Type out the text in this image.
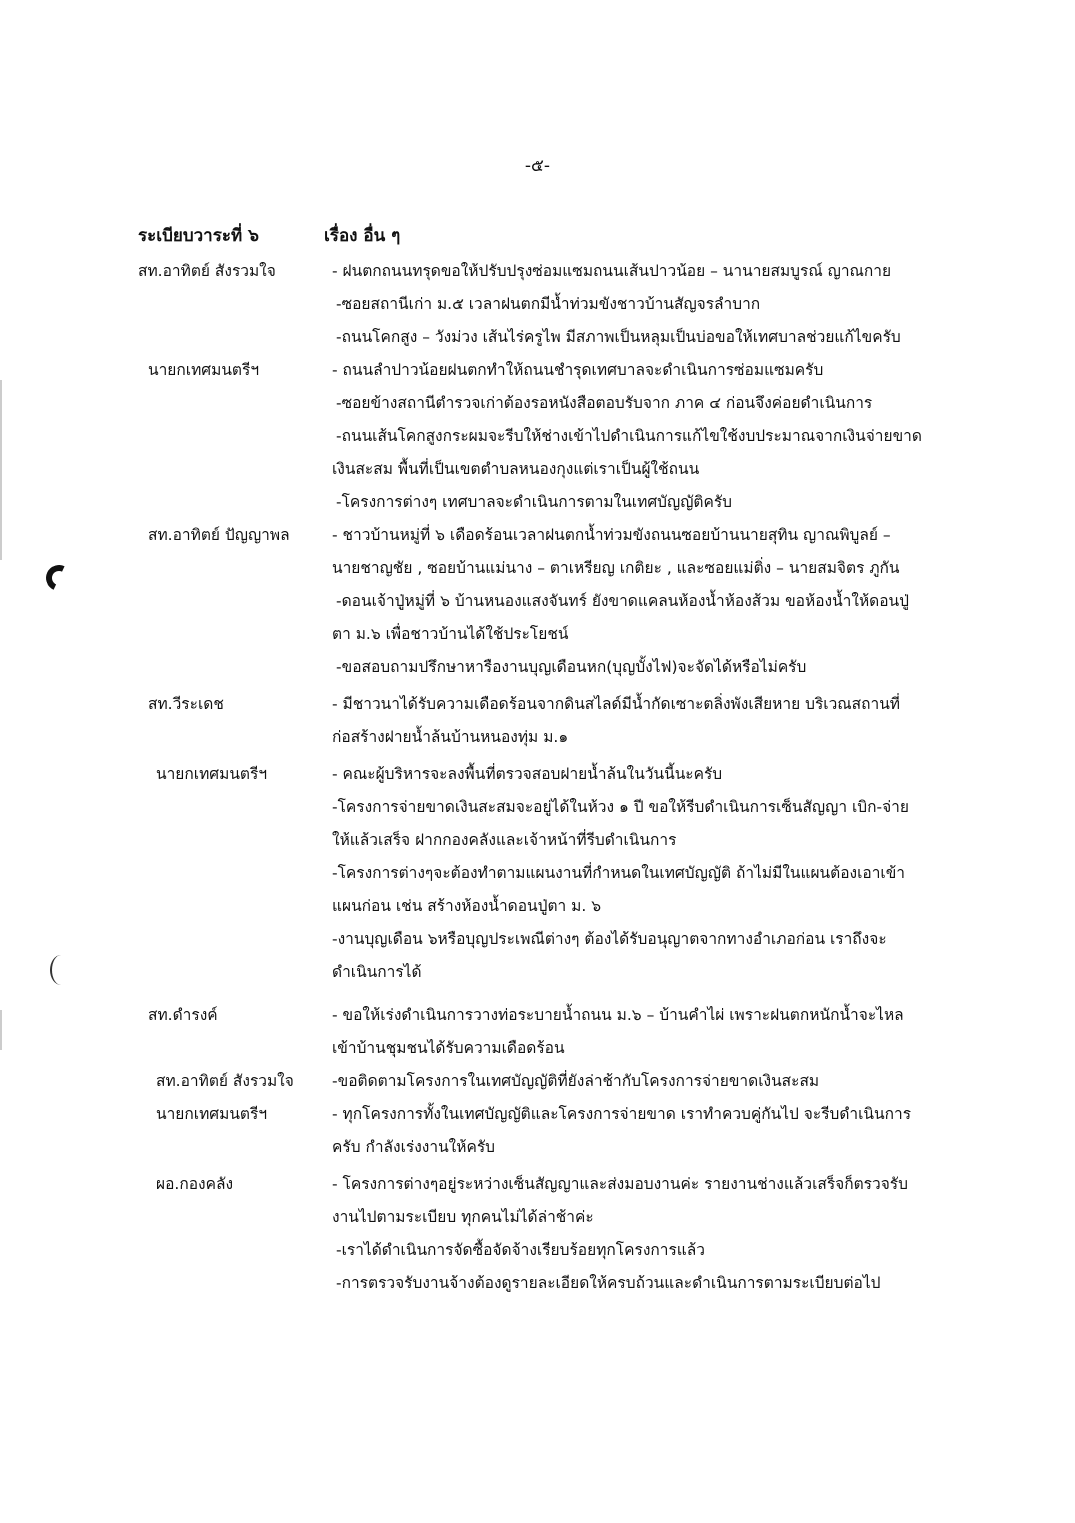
-๕-
ระเบียบวาระที่ ๖	เรื่อง อื่น ๆ
สท.อาทิตย์ สังรวมใจ	- ฝนตกถนนทรุดขอให้ปรับปรุงซ่อมแซมถนนเส้นปาวน้อย – นานายสมบูรณ์ ญาณกาย

-ซอยสถานีเก่า ม.๕ เวลาฝนตกมีน้ำท่วมขังชาวบ้านสัญจรลำบาก

-ถนนโคกสูง – วังม่วง เส้นไร่ครูไพ มีสภาพเป็นหลุมเป็นบ่อขอให้เทศบาลช่วยแก้ไขครับ

นายกเทศมนตรีฯ	- ถนนลำปาวน้อยฝนตกทำให้ถนนชำรุดเทศบาลจะดำเนินการซ่อมแซมครับ

-ซอยข้างสถานีตำรวจเก่าต้องรอหนังสือตอบรับจาก ภาค ๔ ก่อนจึงค่อยดำเนินการ

-ถนนเส้นโคกสูงกระผมจะรีบให้ช่างเข้าไปดำเนินการแก้ไขใช้งบประมาณจากเงินจ่ายขาด

เงินสะสม พื้นที่เป็นเขตตำบลหนองกุงแต่เราเป็นผู้ใช้ถนน

-โครงการต่างๆ เทศบาลจะดำเนินการตามในเทศบัญญัติครับ

สท.อาทิตย์ ปัญญาพล	- ชาวบ้านหมู่ที่ ๖ เดือดร้อนเวลาฝนตกน้ำท่วมขังถนนซอยบ้านนายสุทิน ญาณพิบูลย์ –

นายชาญชัย , ซอยบ้านแม่นาง – ตาเหรียญ เกติยะ , และซอยแม่ติ่ง – นายสมจิตร ภูกัน

-ดอนเจ้าปู่หมู่ที่ ๖ บ้านหนองแสงจันทร์ ยังขาดแคลนห้องน้ำห้องส้วม ขอห้องน้ำให้ดอนปู่

ตา ม.๖ เพื่อชาวบ้านได้ใช้ประโยชน์

-ขอสอบถามปรึกษาหารืองานบุญเดือนหก(บุญบั้งไฟ)จะจัดได้หรือไม่ครับ

สท.วีระเดช	- มีชาวนาได้รับความเดือดร้อนจากดินสไลด์มีน้ำกัดเซาะตลิ่งพังเสียหาย บริเวณสถานที่

ก่อสร้างฝายน้ำล้นบ้านหนองทุ่ม ม.๑

นายกเทศมนตรีฯ	- คณะผู้บริหารจะลงพื้นที่ตรวจสอบฝายน้ำล้นในวันนี้นะครับ

-โครงการจ่ายขาดเงินสะสมจะอยู่ได้ในห้วง ๑ ปี ขอให้รีบดำเนินการเซ็นสัญญา เบิก-จ่าย

ให้แล้วเสร็จ ฝากกองคลังและเจ้าหน้าที่รีบดำเนินการ

-โครงการต่างๆจะต้องทำตามแผนงานที่กำหนดในเทศบัญญัติ ถ้าไม่มีในแผนต้องเอาเข้า

แผนก่อน เช่น สร้างห้องน้ำดอนปู่ตา ม. ๖

-งานบุญเดือน ๖หรือบุญประเพณีต่างๆ ต้องได้รับอนุญาตจากทางอำเภอก่อน เราถึงจะ

ดำเนินการได้

สท.ดำรงค์	- ขอให้เร่งดำเนินการวางท่อระบายน้ำถนน ม.๖ – บ้านคำไผ่ เพราะฝนตกหนักน้ำจะไหล

เข้าบ้านชุมชนได้รับความเดือดร้อน

สท.อาทิตย์ สังรวมใจ	-ขอติดตามโครงการในเทศบัญญัติที่ยังล่าช้ากับโครงการจ่ายขาดเงินสะสม

นายกเทศมนตรีฯ	- ทุกโครงการทั้งในเทศบัญญัติและโครงการจ่ายขาด เราทำควบคู่กันไป จะรีบดำเนินการ

ครับ กำลังเร่งงานให้ครับ

ผอ.กองคลัง	- โครงการต่างๆอยู่ระหว่างเซ็นสัญญาและส่งมอบงานค่ะ รายงานช่างแล้วเสร็จก็ตรวจรับ

งานไปตามระเบียบ ทุกคนไม่ได้ล่าช้าค่ะ

-เราได้ดำเนินการจัดซื้อจัดจ้างเรียบร้อยทุกโครงการแล้ว

-การตรวจรับงานจ้างต้องดูรายละเอียดให้ครบถ้วนและดำเนินการตามระเบียบต่อไป
